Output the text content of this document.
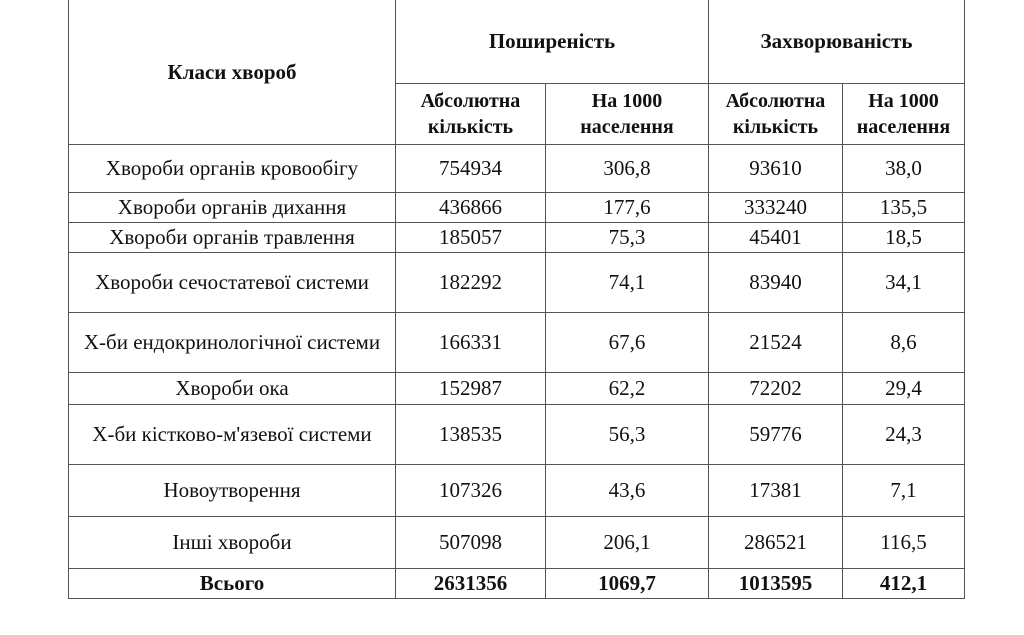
Класи хвороб	Поширеність		Захворюваність	
	Абсолютна кількість	На 1000 населення	Абсолютна кількість	На 1000 населення
Хвороби органів кровообігу	754934	306,8	93610	38,0
Хвороби органів дихання	436866	177,6	333240	135,5
Хвороби органів травлення	185057	75,3	45401	18,5
Хвороби сечостатевої системи	182292	74,1	83940	34,1
Х-би ендокринологічної системи	166331	67,6	21524	8,6
Хвороби ока	152987	62,2	72202	29,4
Х-би кістково-м'язевої системи	138535	56,3	59776	24,3
Новоутворення	107326	43,6	17381	7,1
Інші хвороби	507098	206,1	286521	116,5
Всього	2631356	1069,7	1013595	412,1
